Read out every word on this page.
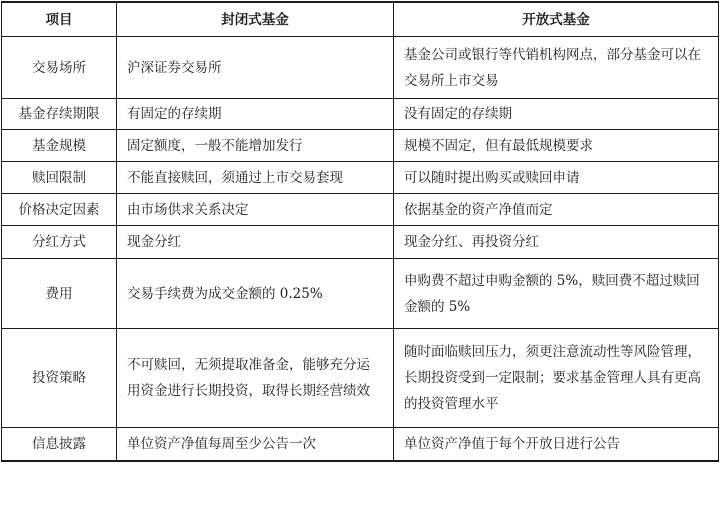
项目	封闭式基金	开放式基金
交易场所	沪深证券交易所	基金公司或银行等代销机构网点，部分基金可以在交易所上市交易
基金存续期限	有固定的存续期	没有固定的存续期
基金规模	固定额度，一般不能增加发行	规模不固定，但有最低规模要求
赎回限制	不能直接赎回，须通过上市交易套现	可以随时提出购买或赎回申请
价格决定因素	由市场供求关系决定	依据基金的资产净值而定
分红方式	现金分红	现金分红、再投资分红
费用	交易手续费为成交金额的 0.25%	申购费不超过申购金额的 5%，赎回费不超过赎回金额的 5%
投资策略	不可赎回，无须提取准备金，能够充分运用资金进行长期投资，取得长期经营绩效	随时面临赎回压力，须更注意流动性等风险管理，长期投资受到一定限制；要求基金管理人具有更高的投资管理水平
信息披露	单位资产净值每周至少公告一次	单位资产净值于每个开放日进行公告
